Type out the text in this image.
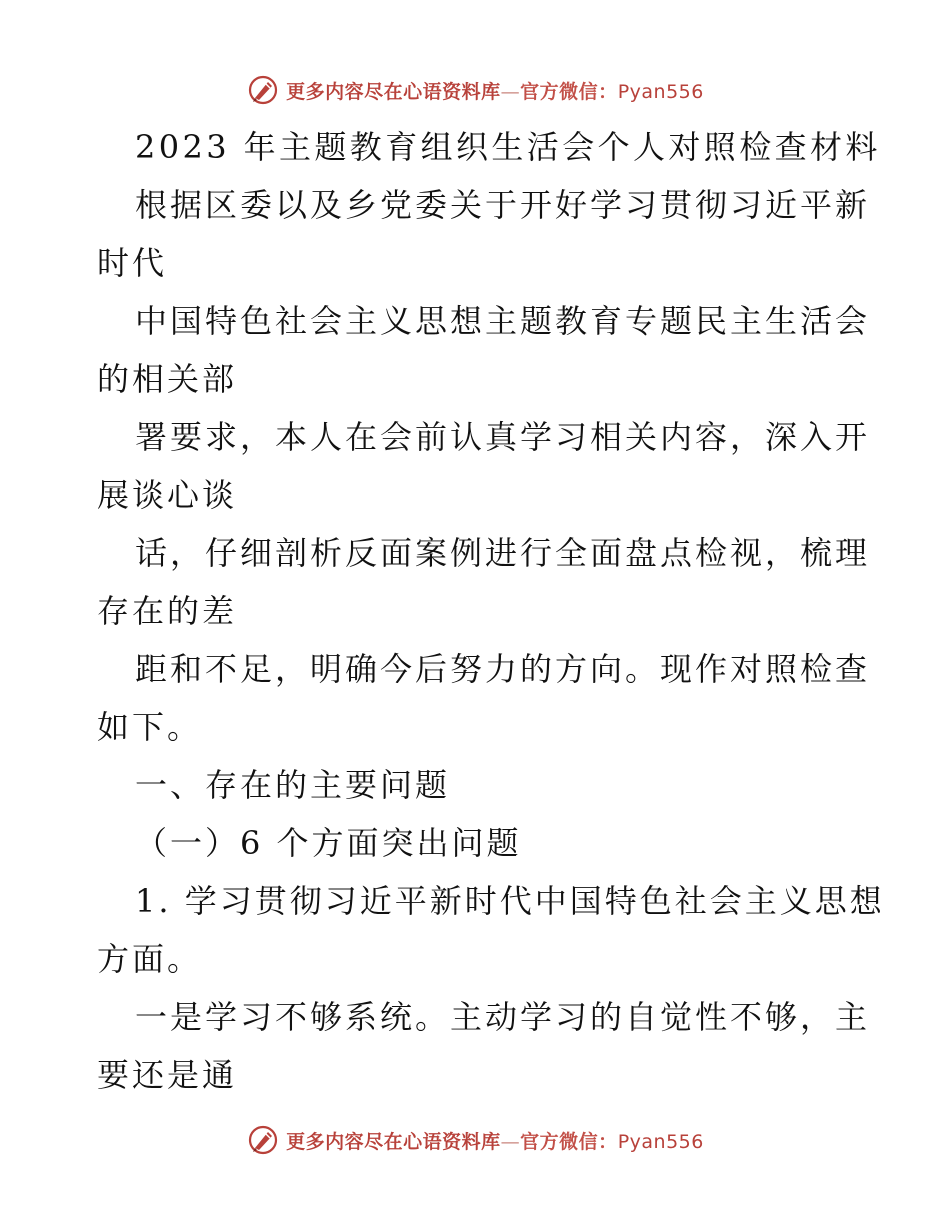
更多内容尽在心语资料库—官方微信：Pyan556
2023 年主题教育组织生活会个人对照检查材料
根据区委以及乡党委关于开好学习贯彻习近平新
时代
中国特色社会主义思想主题教育专题民主生活会
的相关部
署要求，本人在会前认真学习相关内容，深入开
展谈心谈
话，仔细剖析反面案例进行全面盘点检视，梳理
存在的差
距和不足，明确今后努力的方向。现作对照检查
如下。
一、存在的主要问题
（一）6 个方面突出问题
1. 学习贯彻习近平新时代中国特色社会主义思想
方面。
一是学习不够系统。主动学习的自觉性不够，主
要还是通
更多内容尽在心语资料库—官方微信：Pyan556
